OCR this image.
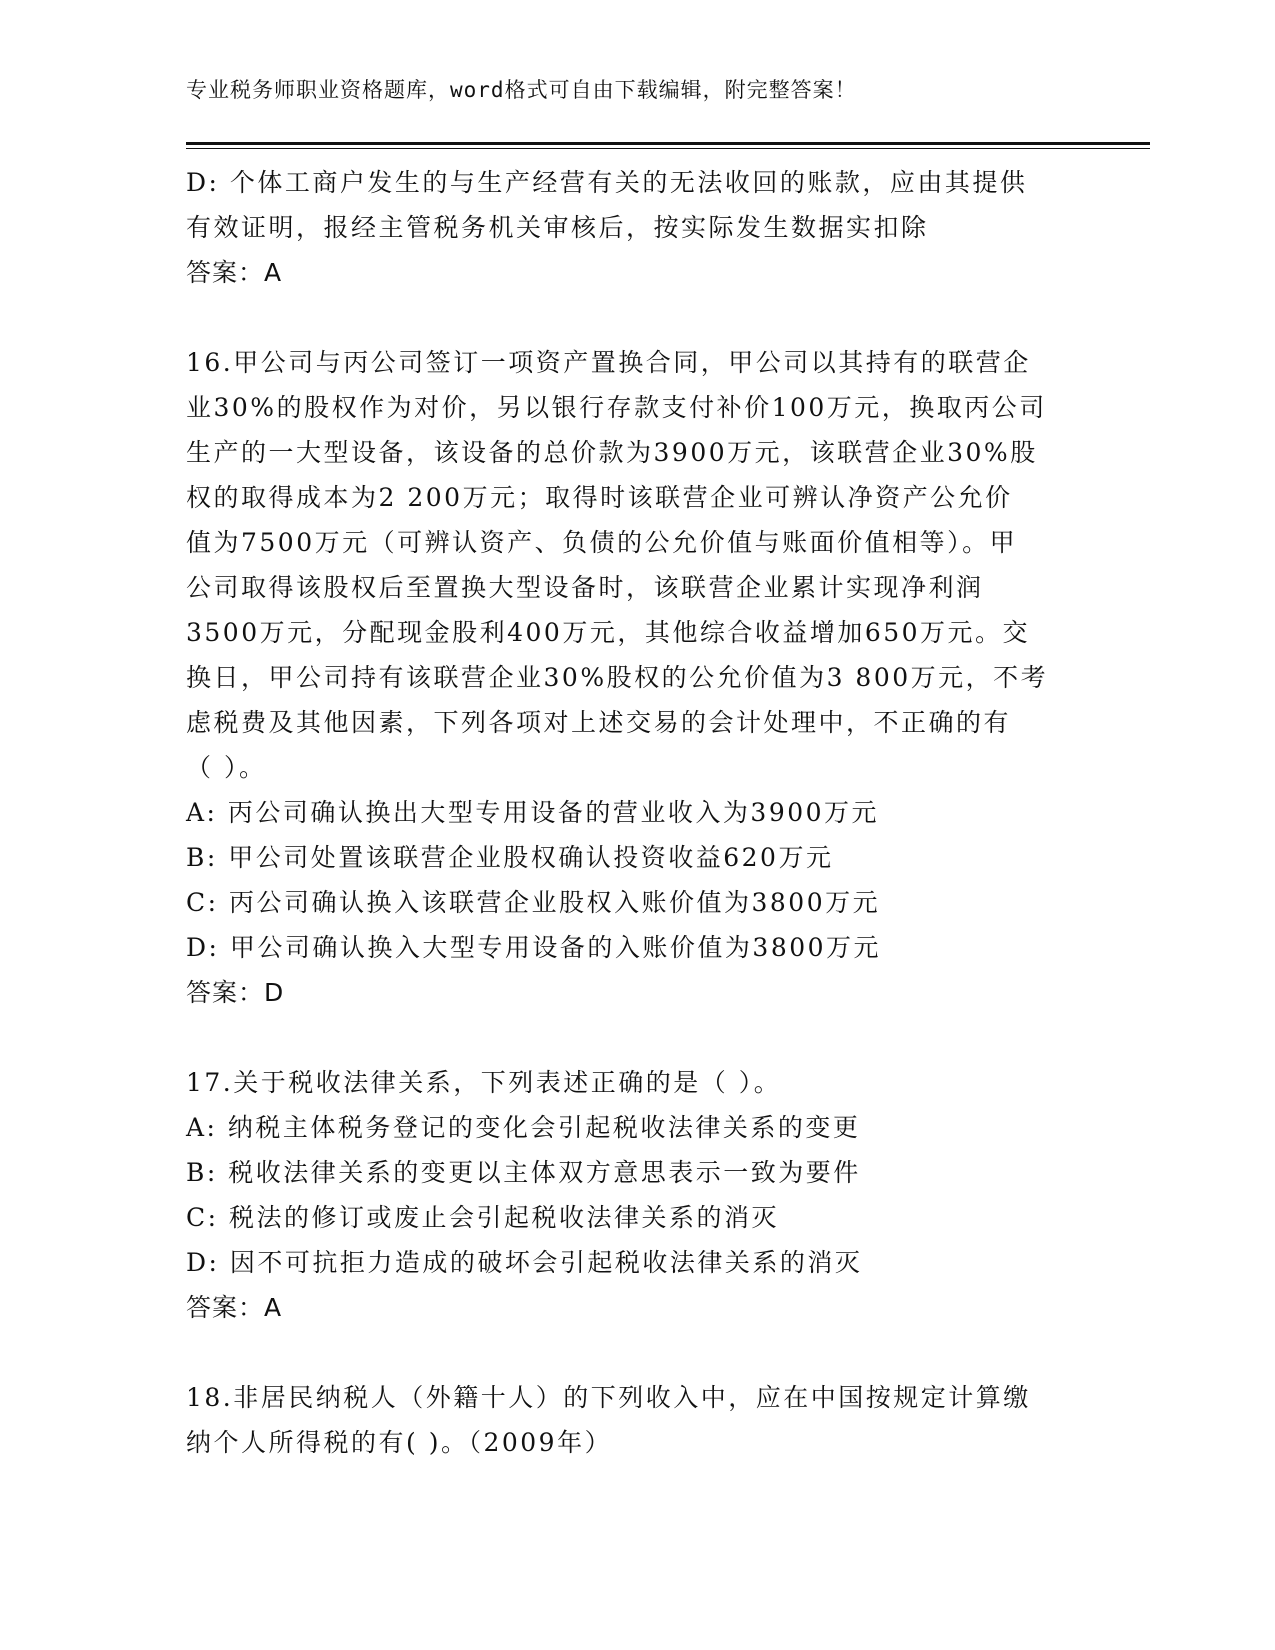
专业税务师职业资格题库，word格式可自由下载编辑，附完整答案！
D: 个体工商户发生的与生产经营有关的无法收回的账款，应由其提供
有效证明，报经主管税务机关审核后，按实际发生数据实扣除
答案：A
16.甲公司与丙公司签订一项资产置换合同，甲公司以其持有的联营企
业30%的股权作为对价，另以银行存款支付补价100万元，换取丙公司
生产的一大型设备，该设备的总价款为3900万元，该联营企业30%股
权的取得成本为2 200万元；取得时该联营企业可辨认净资产公允价
值为7500万元（可辨认资产、负债的公允价值与账面价值相等）。甲
公司取得该股权后至置换大型设备时，该联营企业累计实现净利润
3500万元，分配现金股利400万元，其他综合收益增加650万元。交
换日，甲公司持有该联营企业30%股权的公允价值为3 800万元，不考
虑税费及其他因素，下列各项对上述交易的会计处理中，不正确的有
（ ）。
A: 丙公司确认换出大型专用设备的营业收入为3900万元
B: 甲公司处置该联营企业股权确认投资收益620万元
C: 丙公司确认换入该联营企业股权入账价值为3800万元
D: 甲公司确认换入大型专用设备的入账价值为3800万元
答案：D
17.关于税收法律关系，下列表述正确的是（ ）。
A: 纳税主体税务登记的变化会引起税收法律关系的变更
B: 税收法律关系的变更以主体双方意思表示一致为要件
C: 税法的修订或废止会引起税收法律关系的消灭
D: 因不可抗拒力造成的破坏会引起税收法律关系的消灭
答案：A
18.非居民纳税人（外籍十人）的下列收入中，应在中国按规定计算缴
纳个人所得税的有( )。（2009年）
